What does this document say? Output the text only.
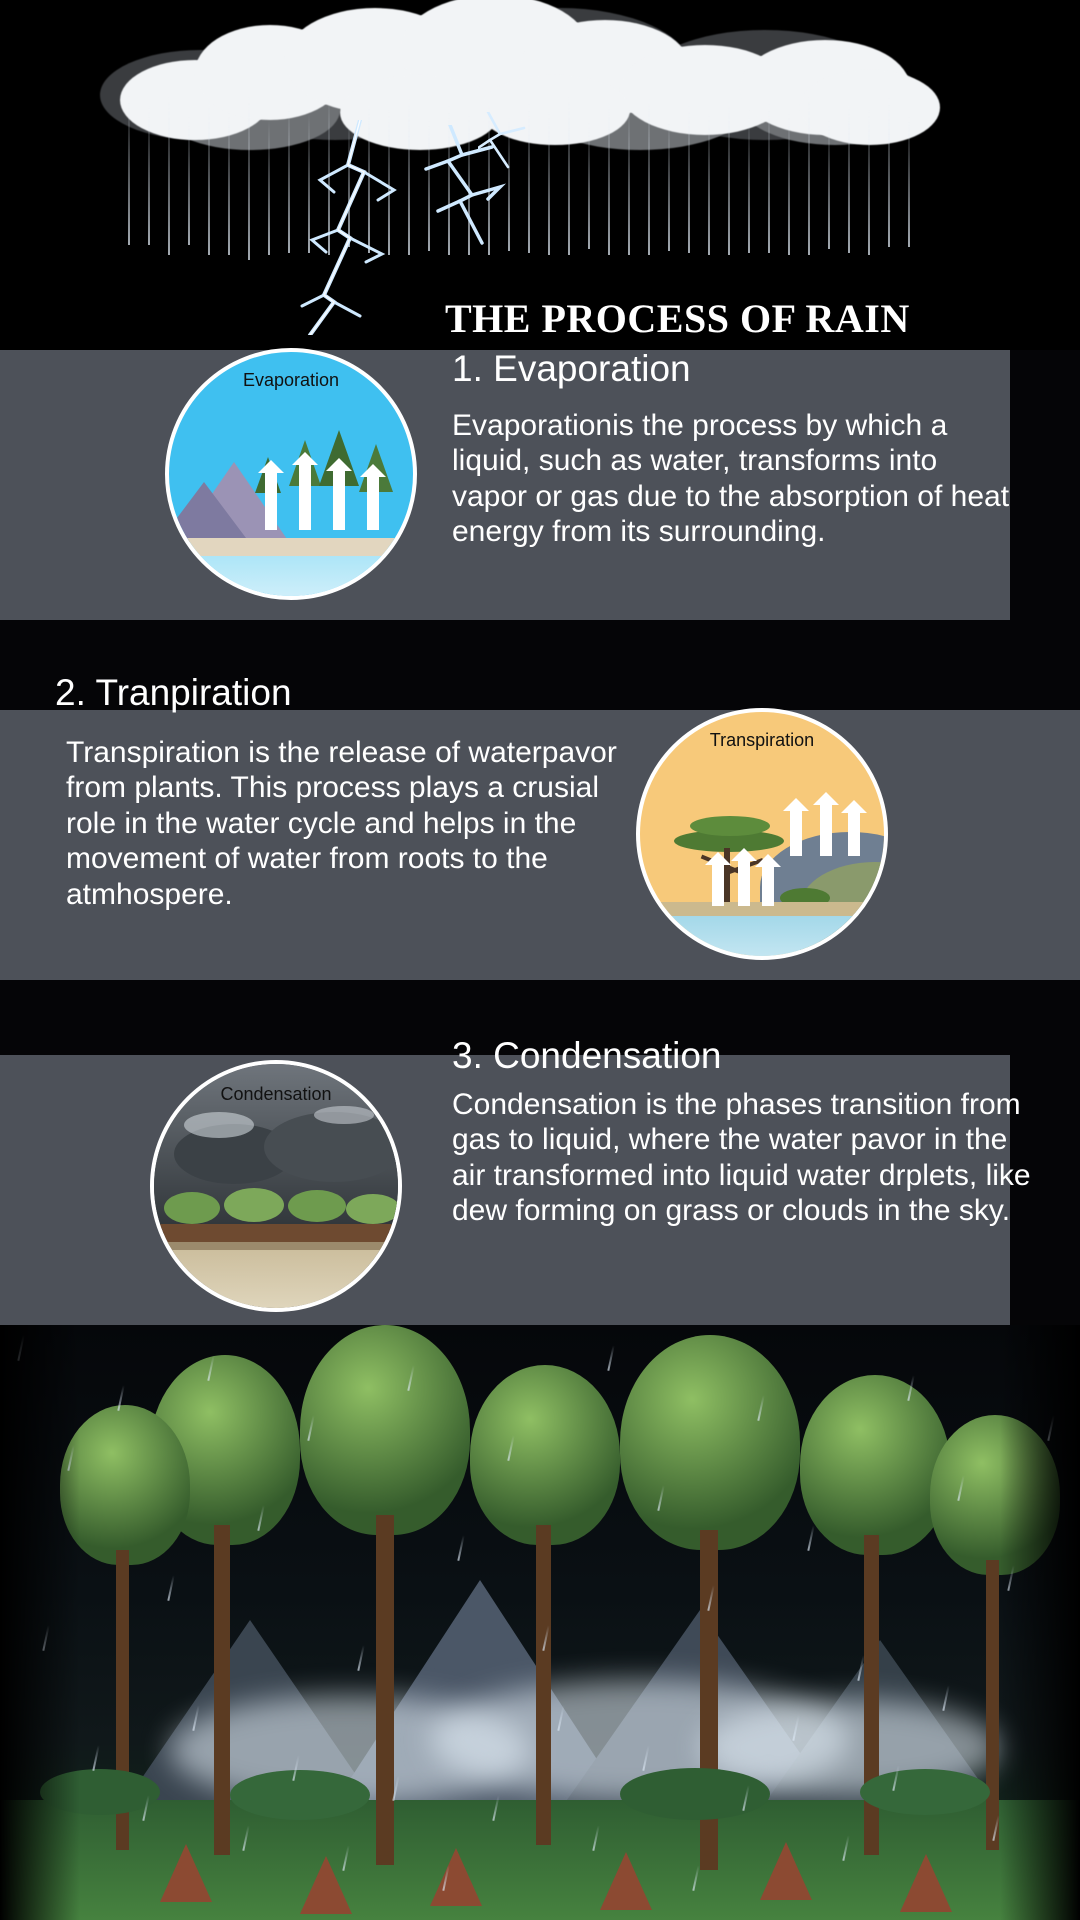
THE PROCESS OF RAIN
1. Evaporation
Evaporationis the process by which a liquid, such as water, transforms into vapor or gas due to the absorption of heat energy from its surrounding.
Evaporation
2. Tranpiration
Transpiration is the release of waterpavor from plants. This process plays a crusial role in the water cycle and helps in the movement of water from roots to the atmhospere.
Transpiration
3. Condensation
Condensation is the phases transition from gas to liquid, where the water pavor in the air transformed into liquid water drplets, like dew forming on grass or clouds in the sky.
Condensation
